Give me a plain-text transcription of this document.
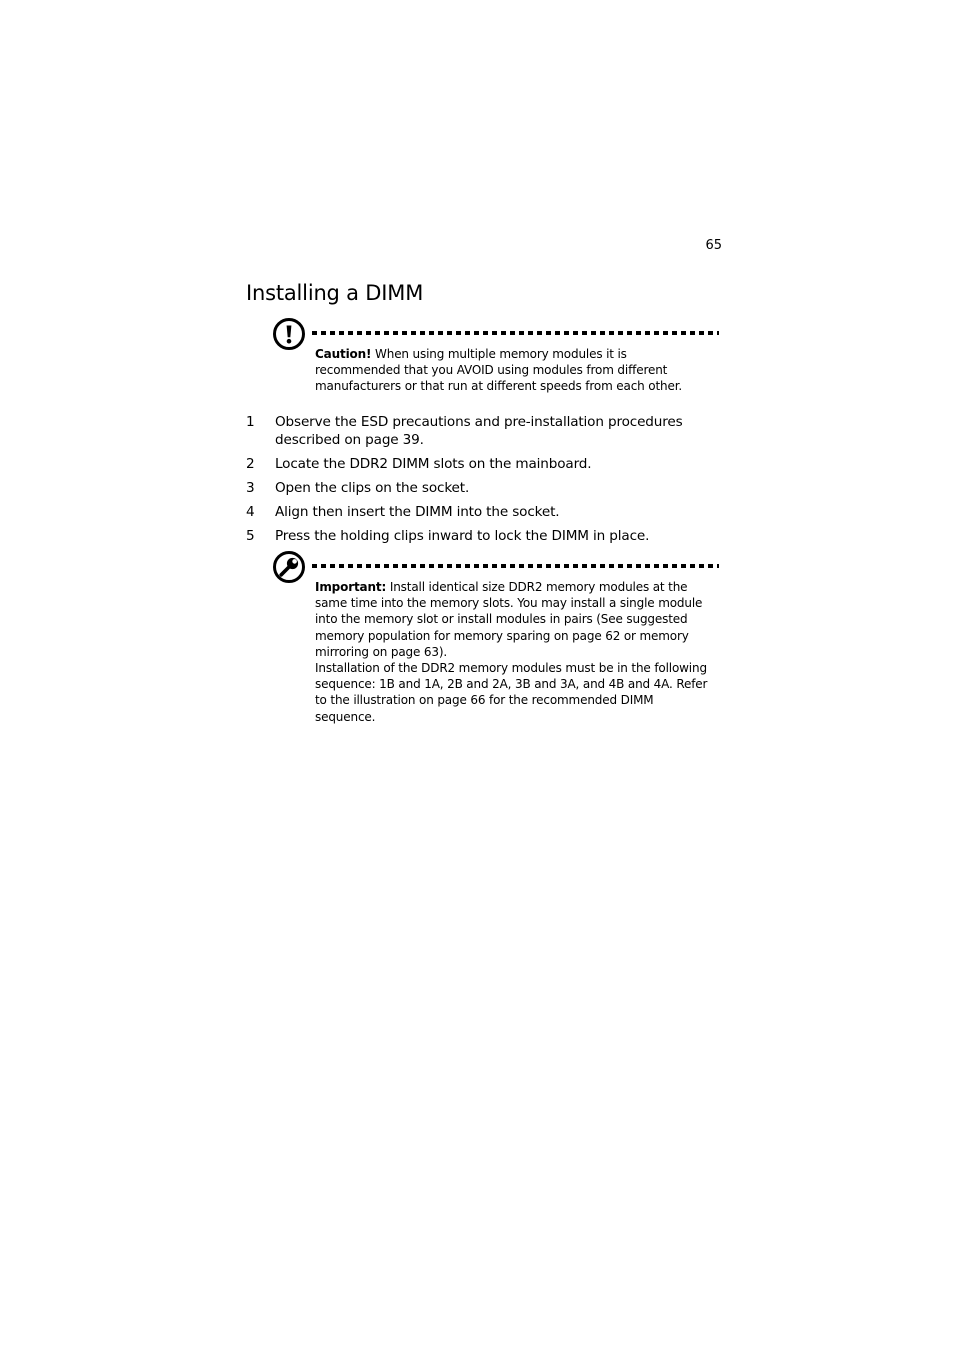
65
Installing a DIMM

Caution! When using multiple memory modules it is recommended that you AVOID using modules from different manufacturers or that run at different speeds from each other.

1 Observe the ESD precautions and pre-installation procedures described on page 39.
2 Locate the DDR2 DIMM slots on the mainboard.
3 Open the clips on the socket.
4 Align then insert the DIMM into the socket.
5 Press the holding clips inward to lock the DIMM in place.

Important: Install identical size DDR2 memory modules at the same time into the memory slots. You may install a single module into the memory slot or install modules in pairs (See suggested memory population for memory sparing on page 62 or memory mirroring on page 63).
Installation of the DDR2 memory modules must be in the following sequence: 1B and 1A, 2B and 2A, 3B and 3A, and 4B and 4A. Refer to the illustration on page 66 for the recommended DIMM sequence.
